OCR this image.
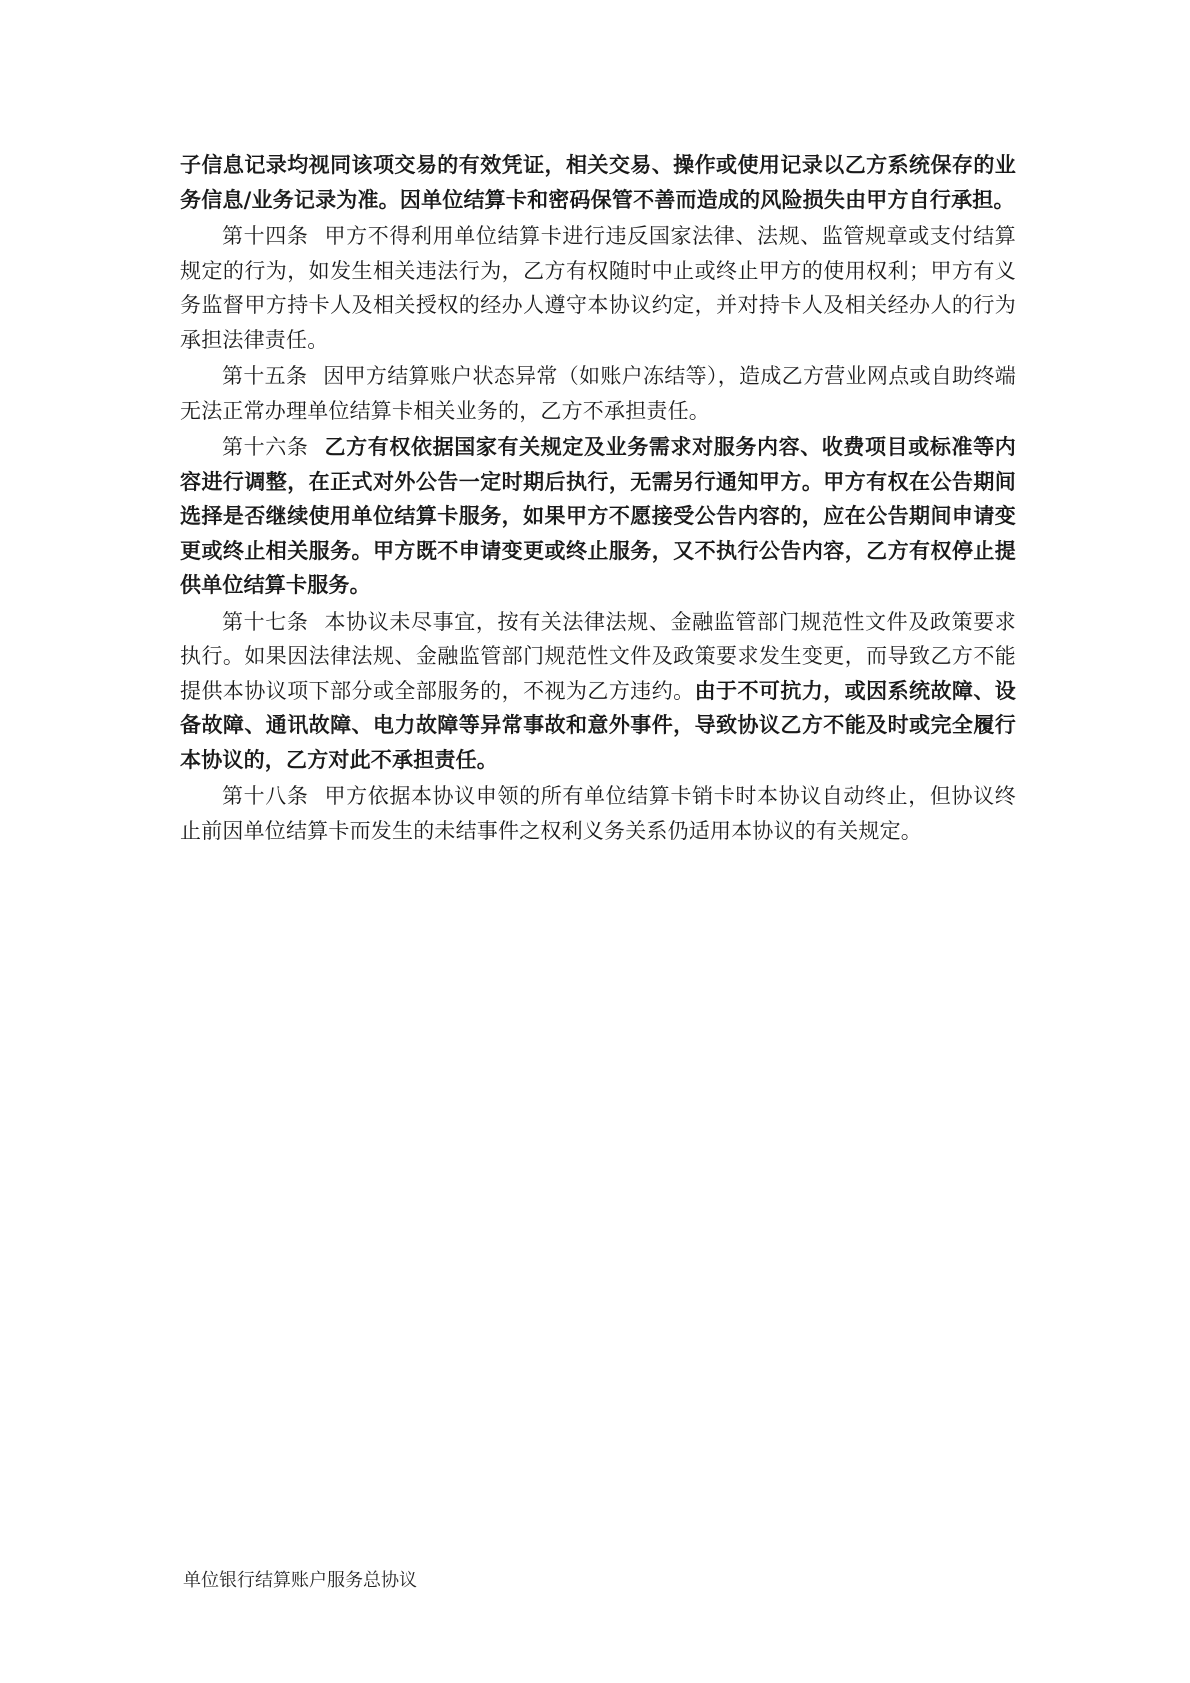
子信息记录均视同该项交易的有效凭证，相关交易、操作或使用记录以乙方系统保存的业务信息/业务记录为准。因单位结算卡和密码保管不善而造成的风险损失由甲方自行承担。

第十四条 甲方不得利用单位结算卡进行违反国家法律、法规、监管规章或支付结算规定的行为，如发生相关违法行为，乙方有权随时中止或终止甲方的使用权利；甲方有义务监督甲方持卡人及相关授权的经办人遵守本协议约定，并对持卡人及相关经办人的行为承担法律责任。

第十五条 因甲方结算账户状态异常（如账户冻结等），造成乙方营业网点或自助终端无法正常办理单位结算卡相关业务的，乙方不承担责任。

第十六条 乙方有权依据国家有关规定及业务需求对服务内容、收费项目或标准等内容进行调整，在正式对外公告一定时期后执行，无需另行通知甲方。甲方有权在公告期间选择是否继续使用单位结算卡服务，如果甲方不愿接受公告内容的，应在公告期间申请变更或终止相关服务。甲方既不申请变更或终止服务，又不执行公告内容，乙方有权停止提供单位结算卡服务。

第十七条 本协议未尽事宜，按有关法律法规、金融监管部门规范性文件及政策要求执行。如果因法律法规、金融监管部门规范性文件及政策要求发生变更，而导致乙方不能提供本协议项下部分或全部服务的，不视为乙方违约。由于不可抗力，或因系统故障、设备故障、通讯故障、电力故障等异常事故和意外事件，导致协议乙方不能及时或完全履行本协议的，乙方对此不承担责任。

第十八条 甲方依据本协议申领的所有单位结算卡销卡时本协议自动终止，但协议终止前因单位结算卡而发生的未结事件之权利义务关系仍适用本协议的有关规定。

单位银行结算账户服务总协议
